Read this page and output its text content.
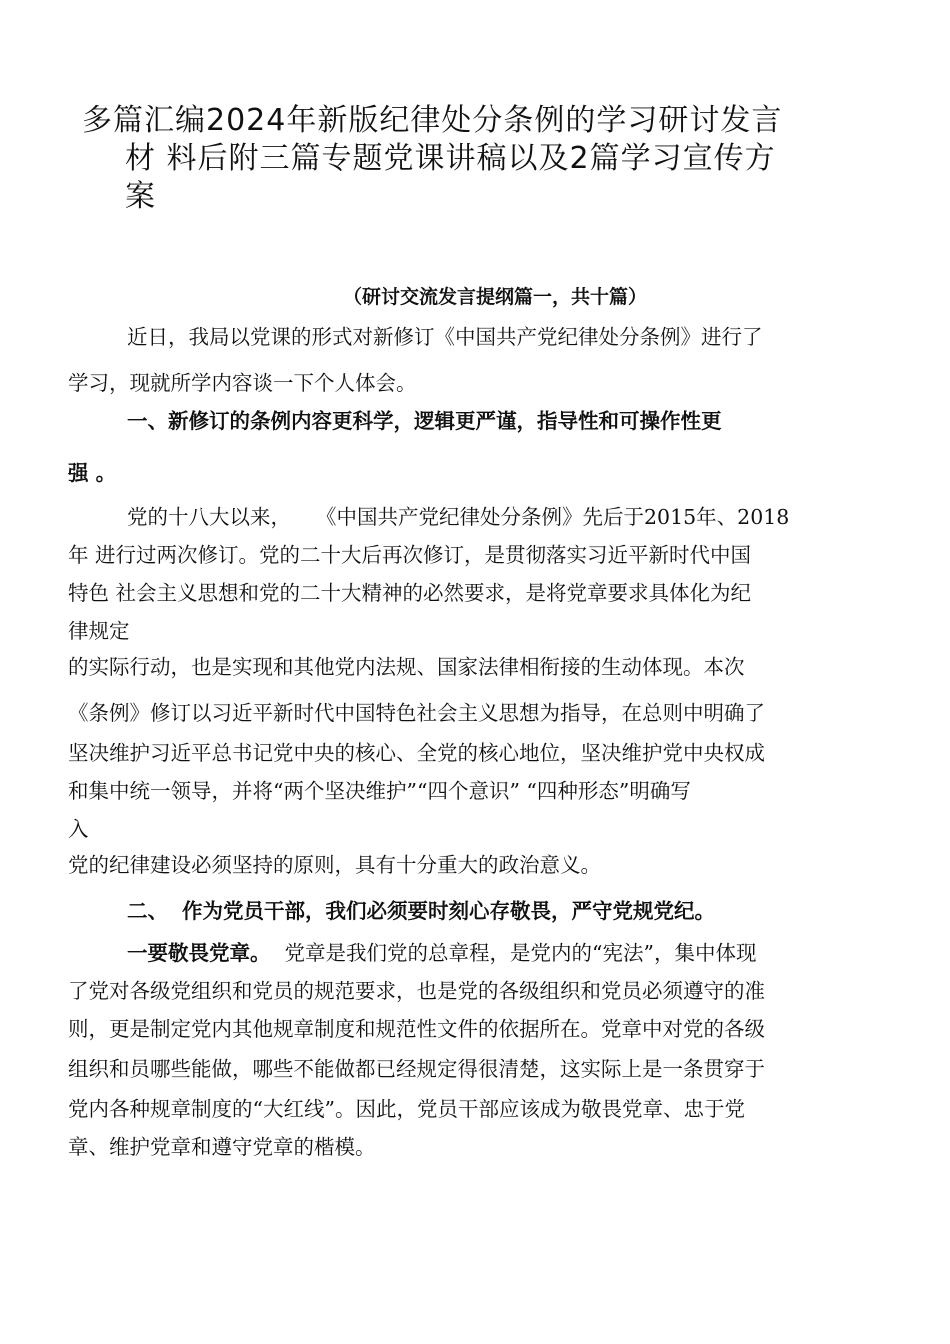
多篇汇编2024年新版纪律处分条例的学习研讨发言
材 料后附三篇专题党课讲稿以及2篇学习宣传方
案
（研讨交流发言提纲篇一，共十篇）
近日，我局以党课的形式对新修订《中国共产党纪律处分条例》进行了
学习，现就所学内容谈一下个人体会。
一、新修订的条例内容更科学，逻辑更严谨，指导性和可操作性更
强 。
党的十八大以来， 《中国共产党纪律处分条例》先后于2015年、2018
年 进行过两次修订。党的二十大后再次修订，是贯彻落实习近平新时代中国
特色 社会主义思想和党的二十大精神的必然要求，是将党章要求具体化为纪
律规定
的实际行动，也是实现和其他党内法规、国家法律相衔接的生动体现。本次
《条例》修订以习近平新时代中国特色社会主义思想为指导，在总则中明确了
坚决维护习近平总书记党中央的核心、全党的核心地位，坚决维护党中央权成
和集中统一领导，并将“两个坚决维护”“四个意识” “四种形态”明确写
入
党的纪律建设必须坚持的原则，具有十分重大的政治意义。
二、 作为党员干部，我们必须要时刻心存敬畏，严守党规党纪。
一要敬畏党章。 党章是我们党的总章程，是党内的“宪法”，集中体现
了党对各级党组织和党员的规范要求，也是党的各级组织和党员必须遵守的准
则，更是制定党内其他规章制度和规范性文件的依据所在。党章中对党的各级
组织和员哪些能做，哪些不能做都已经规定得很清楚，这实际上是一条贯穿于
党内各种规章制度的“大红线”。因此，党员干部应该成为敬畏党章、忠于党
章、维护党章和遵守党章的楷模。
